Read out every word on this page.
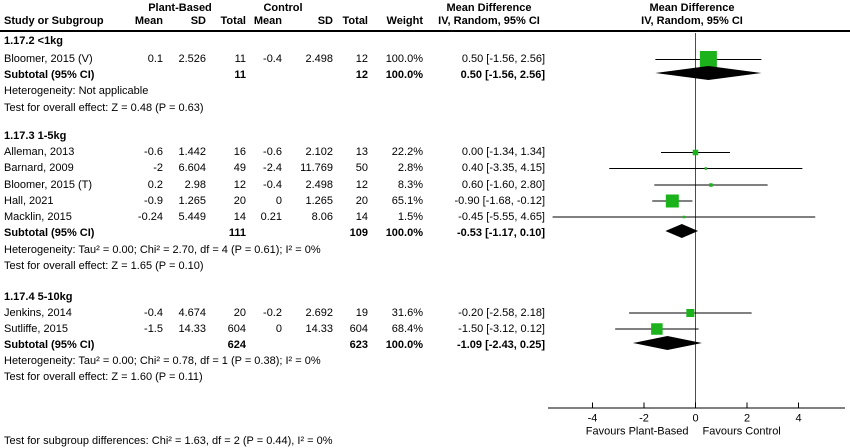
Plant-Based	Control	Mean Difference	Mean Difference
Study or Subgroup	Mean	SD Total Mean	SD Total Weight	IV, Random, 95% CI	IV, Random, 95% CI
1.17.2 <1kg
Bloomer, 2015 (V)	0.1 2.526	11 -0.4 2.498 12 100.0%	0.50 [-1.56, 2.56]
Subtotal (95% CI)	11	12 100.0%	0.50 [-1.56, 2.56]
Heterogeneity: Not applicable
Test for overall effect: Z = 0.48 (P = 0.63)
1.17.3 1-5kg
Alleman, 2013	-0.6 1.442	16 -0.6 2.102 13 22.2%	0.00 [-1.34, 1.34]
Barnard, 2009	-2 6.604	49 -2.4 11.769 50	2.8%	0.40 [-3.35, 4.15]
Bloomer, 2015 (T)	0.2 2.98	12 -0.4 2.498 12	8.3%	0.60 [-1.60, 2.80]
Hall, 2021	-0.9 1.265	20	0 1.265 20 65.1%	-0.90 [-1.68, -0.12]
Macklin, 2015	-0.24 5.449	14 0.21	8.06 14	1.5%	-0.45 [-5.55, 4.65]
Subtotal (95% CI)	111	109 100.0%	-0.53 [-1.17, 0.10]
Heterogeneity: Tau² = 0.00; Chi² = 2.70, df = 4 (P = 0.61); I² = 0%
Test for overall effect: Z = 1.65 (P = 0.10)
1.17.4 5-10kg
Jenkins, 2014	-0.4 4.674	20 -0.2 2.692 19 31.6%	-0.20 [-2.58, 2.18]
Sutliffe, 2015	-1.5 14.33 604	0 14.33 604 68.4%	-1.50 [-3.12, 0.12]
Subtotal (95% CI)	624	623 100.0%	-1.09 [-2.43, 0.25]
Heterogeneity: Tau² = 0.00; Chi² = 0.78, df = 1 (P = 0.38); I² = 0%
Test for overall effect: Z = 1.60 (P = 0.11)
-4	-2	0	2	4
Favours Plant-Based Favours Control
Test for subgroup differences: Chi² = 1.63, df = 2 (P = 0.44), I² = 0%
